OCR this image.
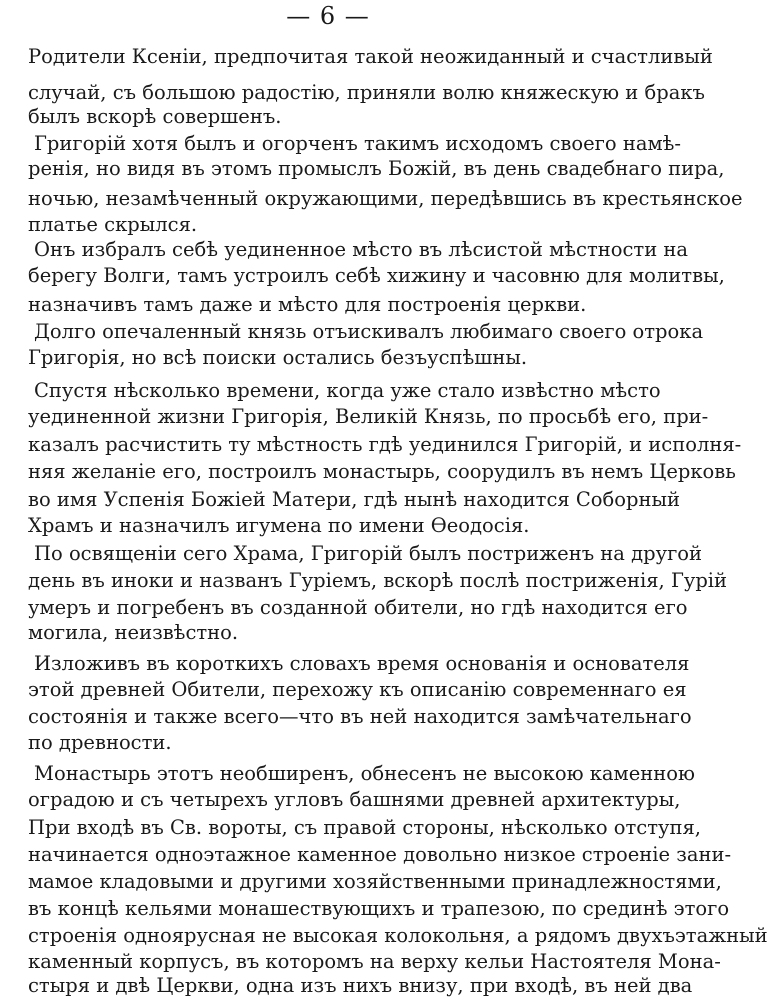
— 6 —
Родители Ксеніи, предпочитая такой неожиданный и счастливый
случай, съ большою радостію, приняли волю княжескую и бракъ
былъ вскорѣ совершенъ.
Григорій хотя былъ и огорченъ такимъ исходомъ своего намѣ-
ренія, но видя въ этомъ промыслъ Божій, въ день свадебнаго пира,
ночью, незамѣченный окружающими, передѣвшись въ крестьянское
платье скрылся.
Онъ избралъ себѣ уединенное мѣсто въ лѣсистой мѣстности на
берегу Волги, тамъ устроилъ себѣ хижину и часовню для молитвы,
назначивъ тамъ даже и мѣсто для построенія церкви.
Долго опечаленный князь отъискивалъ любимаго своего отрока
Григорія, но всѣ поиски остались безъуспѣшны.
Спустя нѣсколько времени, когда уже стало извѣстно мѣсто
уединенной жизни Григорія, Великій Князь, по просьбѣ его, при-
казалъ расчистить ту мѣстность гдѣ уединился Григорій, и исполня-
няя желаніе его, построилъ монастырь, соорудилъ въ немъ Церковь
во имя Успенія Божіей Матери, гдѣ нынѣ находится Соборный
Храмъ и назначилъ игумена по имени Ѳеодосія.
По освященіи сего Храма, Григорій былъ постриженъ на другой
день въ иноки и названъ Гуріемъ, вскорѣ послѣ постриженія, Гурій
умеръ и погребенъ въ созданной обители, но гдѣ находится его
могила, неизвѣстно.
Изложивъ въ короткихъ словахъ время основанія и основателя
этой древней Обители, перехожу къ описанію современнаго ея
состоянія и также всего—что въ ней находится замѣчательнаго
по древности.
Монастырь этотъ необширенъ, обнесенъ не высокою каменною
оградою и съ четырехъ угловъ башнями древней архитектуры,
При входѣ въ Св. вороты, съ правой стороны, нѣсколько отступя,
начинается одноэтажное каменное довольно низкое строеніе зани-
мамое кладовыми и другими хозяйственными принадлежностями,
въ концѣ кельями монашествующихъ и трапезою, по срединѣ этого
строенія одноярусная не высокая колокольня, а рядомъ двухъэтажный
каменный корпусъ, въ которомъ на верху кельи Настоятеля Мона-
стыря и двѣ Церкви, одна изъ нихъ внизу, при входѣ, въ ней два
